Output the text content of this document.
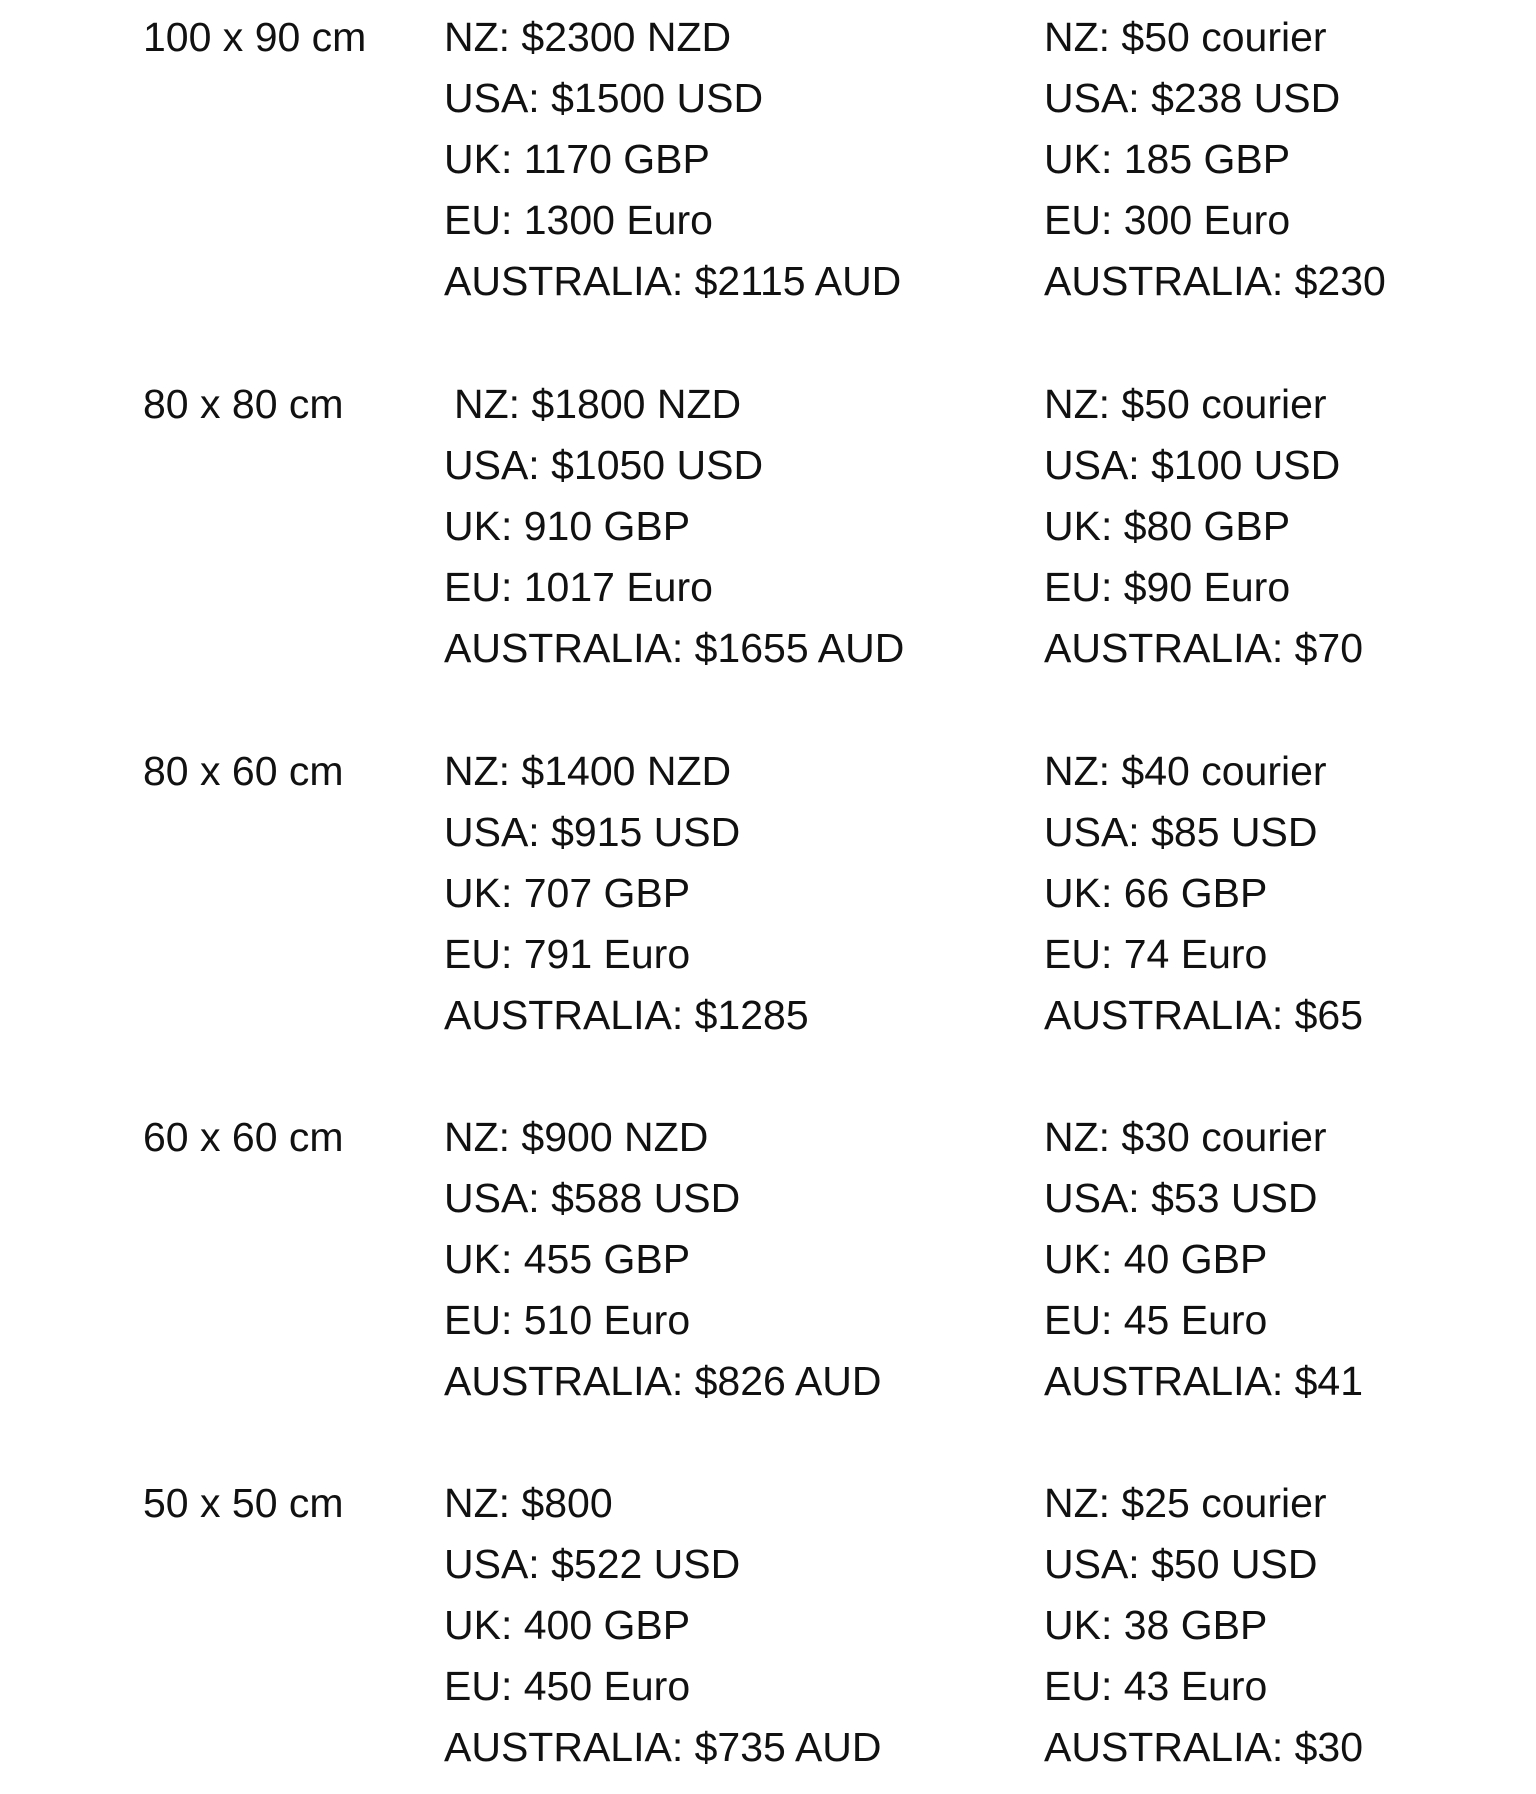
100 x 90 cm NZ: $2300 NZD
USA: $1500 USD
UK: 1170 GBP
EU: 1300 Euro
AUSTRALIA: $2115 AUD
NZ: $50 courier
USA: $238 USD
UK: 185 GBP
EU: 300 Euro
AUSTRALIA: $230
80 x 80 cm	NZ: $1800 NZD
USA: $1050 USD
UK: 910 GBP
EU: 1017 Euro
AUSTRALIA: $1655 AUD
NZ: $50 courier
USA: $100 USD
UK: $80 GBP
EU: $90 Euro
AUSTRALIA: $70
80 x 60 cm NZ: $1400 NZD
USA: $915 USD
UK: 707 GBP
EU: 791 Euro
AUSTRALIA: $1285
NZ: $40 courier
USA: $85 USD
UK: 66 GBP
EU: 74 Euro
AUSTRALIA: $65
60 x 60 cm NZ: $900 NZD
USA: $588 USD
UK: 455 GBP
EU: 510 Euro
AUSTRALIA: $826 AUD
NZ: $30 courier
USA: $53 USD
UK: 40 GBP
EU: 45 Euro
AUSTRALIA: $41
50 x 50 cm NZ: $800
USA: $522 USD
UK: 400 GBP
EU: 450 Euro
AUSTRALIA: $735 AUD
NZ: $25 courier
USA: $50 USD
UK: 38 GBP
EU: 43 Euro
AUSTRALIA: $30
